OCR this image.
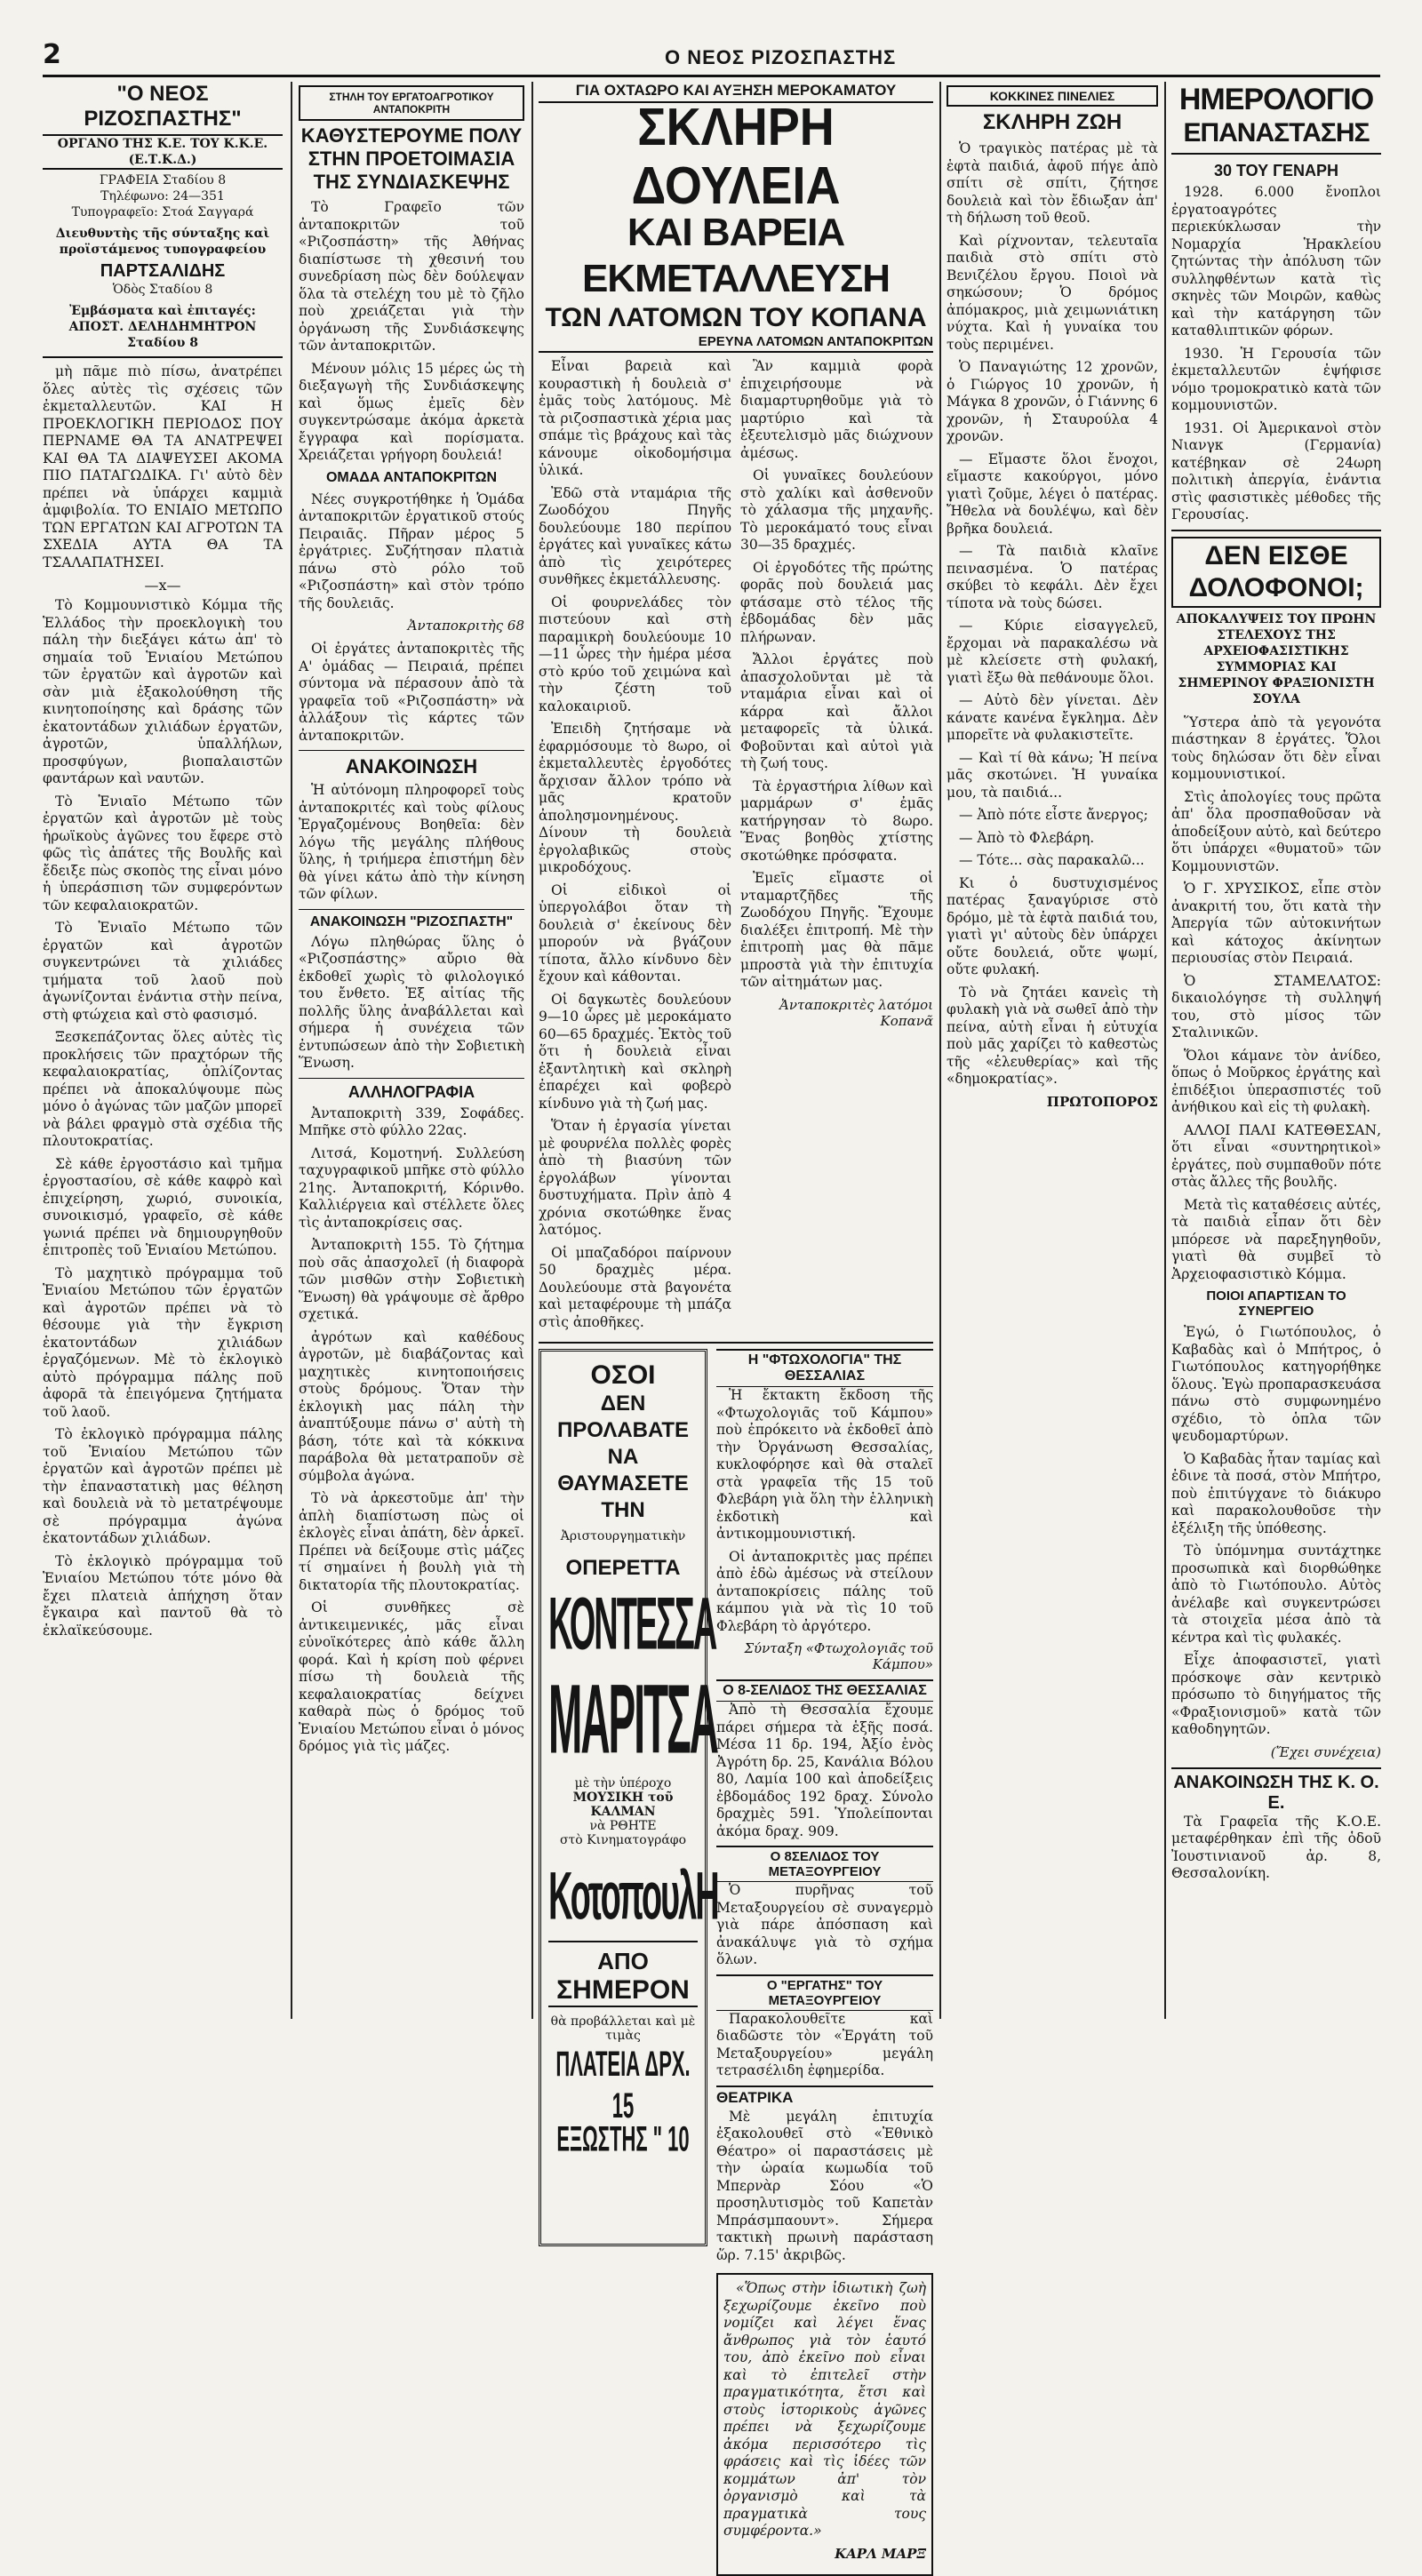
2	Ο ΝΕΟΣ ΡΙΖΟΣΠΑΣΤΗΣ
"Ο ΝΕΟΣ ΡΙΖΟΣΠΑΣΤΗΣ"
ΟΡΓΑΝΟ ΤΗΣ Κ.Ε. ΤΟΥ Κ.Κ.Ε. (Ε.Τ.Κ.Δ.)
ΓΡΑΦΕΙΑ Σταδίου 8
Τηλέφωνο: 24—351
Τυπογραφεῖο: Στοά Σαγγαρά
Διευθυντὴς τῆς σύνταξης καὶ προϊστάμενος τυπογραφείου
ΠΑΡΤΣΑΛΙΔΗΣ
Ὁδὸς Σταδίου 8
Ἐμβάσματα καὶ ἐπιταγές: ΑΠΟΣΤ. ΔΕΛΗΔΗΜΗΤΡΟΝ Σταδίου 8

μὴ πᾶμε πιὸ πίσω, ἀνατρέπει ὅλες αὐτὲς τὶς σχέσεις τῶν ἐκμεταλλευτῶν. ΚΑΙ Η ΠΡΟΕΚΛΟΓΙΚΗ ΠΕΡΙΟΔΟΣ ΠΟΥ ΠΕΡΝΑΜΕ ΘΑ ΤΑ ΑΝΑΤΡΕΨΕΙ ΚΑΙ ΘΑ ΤΑ ΔΙΑΨΕΥΣΕΙ ΑΚΟΜΑ ΠΙΟ ΠΑΤΑΓΩΔΙΚΑ. Γι' αὐτὸ δὲν πρέπει νὰ ὑπάρχει καμμιὰ ἀμφιβολία. ΤΟ ΕΝΙΑΙΟ ΜΕΤΩΠΟ ΤΩΝ ΕΡΓΑΤΩΝ ΚΑΙ ΑΓΡΟΤΩΝ ΤΑ ΣΧΕΔΙΑ ΑΥΤΑ ΘΑ ΤΑ ΤΣΑΛΑΠΑΤΗΣΕΙ.

—x—

Τὸ Κομμουνιστικὸ Κόμμα τῆς Ἑλλάδος τὴν προεκλογικὴ του πάλη τὴν διεξάγει κάτω ἀπ' τὸ σημαία τοῦ Ἑνιαίου Μετώπου τῶν ἐργατῶν καὶ ἀγροτῶν καὶ σὰν μιὰ ἐξακολούθηση τῆς κινητοποίησης καὶ δράσης τῶν ἑκατοντάδων χιλιάδων ἐργατῶν, ἀγροτῶν, ὑπαλλήλων, προσφύγων, βιοπαλαιστῶν φαντάρων καὶ ναυτῶν.

Τὸ Ἑνιαῖο Μέτωπο τῶν ἐργατῶν καὶ ἀγροτῶν μὲ τοὺς ἡρωϊκοὺς ἀγῶνες του ἔφερε στὸ φῶς τὶς ἀπάτες τῆς Βουλῆς καὶ ἔδειξε πὼς σκοπὸς της εἶναι μόνο ἡ ὑπεράσπιση τῶν συμφερόντων τῶν κεφαλαιοκρατῶν.

Τὸ Ἑνιαῖο Μέτωπο τῶν ἐργατῶν καὶ ἀγροτῶν συγκεντρώνει τὰ χιλιάδες τμήματα τοῦ λαοῦ ποὺ ἀγωνίζονται ἐνάντια στὴν πείνα, στὴ φτώχεια καὶ στὸ φασισμό.

Ξεσκεπάζοντας ὅλες αὐτὲς τὶς προκλήσεις τῶν πραχτόρων τῆς κεφαλαιοκρατίας, ὁπλίζοντας πρέπει νὰ ἀποκαλύψουμε πὼς μόνο ὁ ἀγώνας τῶν μαζῶν μπορεῖ νὰ βάλει φραγμὸ στὰ σχέδια τῆς πλουτοκρατίας.

Σὲ κάθε ἐργοστάσιο καὶ τμῆμα ἐργοστασίου, σὲ κάθε καφρὸ καὶ ἐπιχείρηση, χωριό, συνοικία, συνοικισμό, γραφεῖο, σὲ κάθε γωνιά πρέπει νὰ δημιουργηθοῦν ἐπιτροπὲς τοῦ Ἑνιαίου Μετώπου.

Τὸ μαχητικὸ πρόγραμμα τοῦ Ἑνιαίου Μετώπου τῶν ἐργατῶν καὶ ἀγροτῶν πρέπει νὰ τὸ θέσουμε γιὰ τὴν ἔγκριση ἑκατοντάδων χιλιάδων ἐργαζόμενων. Μὲ τὸ ἐκλογικὸ αὐτὸ πρόγραμμα πάλης ποῦ ἀφορᾶ τὰ ἐπειγόμενα ζητήματα τοῦ λαοῦ.

Τὸ ἐκλογικὸ πρόγραμμα πάλης τοῦ Ἑνιαίου Μετώπου τῶν ἐργατῶν καὶ ἀγροτῶν πρέπει μὲ τὴν ἐπαναστατικὴ μας θέληση καὶ δουλειὰ νὰ τὸ μετατρέψουμε σὲ πρόγραμμα ἀγώνα ἑκατοντάδων χιλιάδων.

Τὸ ἐκλογικὸ πρόγραμμα τοῦ Ἑνιαίου Μετώπου τότε μόνο θὰ ἔχει πλατειὰ ἀπήχηση ὅταν ἔγκαιρα καὶ παντοῦ θὰ τὸ ἐκλαϊκεύσουμε.

ΣΤΗΛΗ ΤΟΥ ΕΡΓΑΤΟΑΓΡΟΤΙΚΟΥ ΑΝΤΑΠΟΚΡΙΤΗ
ΚΑΘΥΣΤΕΡΟΥΜΕ ΠΟΛΥ
ΣΤΗΝ ΠΡΟΕΤΟΙΜΑΣΙΑ ΤΗΣ ΣΥΝΔΙΑΣΚΕΨΗΣ

Τὸ Γραφεῖο τῶν ἀνταποκριτῶν τοῦ «Ριζοσπάστη» τῆς Ἀθήνας διαπίστωσε τὴ χθεσινή του συνεδρίαση πὼς δὲν δούλεψαν ὅλα τὰ στελέχη του μὲ τὸ ζῆλο ποὺ χρειάζεται γιὰ τὴν ὀργάνωση τῆς Συνδιάσκεψης τῶν ἀνταποκριτῶν.

Μένουν μόλις 15 μέρες ὡς τὴ διεξαγωγὴ τῆς Συνδιάσκεψης καὶ ὅμως ἐμεῖς δὲν συγκεντρώσαμε ἀκόμα ἀρκετὰ ἔγγραφα καὶ πορίσματα. Χρειάζεται γρήγορη δουλειά!

ΟΜΑΔΑ ΑΝΤΑΠΟΚΡΙΤΩΝ

Νέες συγκροτήθηκε ἡ Ὁμάδα ἀνταποκριτῶν ἐργατικοῦ στούς Πειραιᾶς. Πῆραν μέρος 5 ἐργάτριες. Συζήτησαν πλατιὰ πάνω στὸ ρόλο τοῦ «Ριζοσπάστη» καὶ στὸν τρόπο τῆς δουλειᾶς.

Ἀνταποκριτὴς 68

Οἱ ἐργάτες ἀνταποκριτὲς τῆς Α' ὁμάδας — Πειραιά, πρέπει σύντομα νὰ πέρασουν ἀπὸ τὰ γραφεῖα τοῦ «Ριζοσπάστη» νὰ ἀλλάξουν τὶς κάρτες τῶν ἀνταποκριτῶν.

ΑΝΑΚΟΙΝΩΣΗ

Ἡ αὐτόνομη πληροφορεῖ τοὺς ἀνταποκριτές καὶ τοὺς φίλους Ἐργαζομένους Βοηθεῖα: δὲν λόγω τῆς μεγάλης πλήθους ὕλης, ἡ τριήμερα ἐπιστήμη δὲν θὰ γίνει κάτω ἀπὸ τὴν κίνηση τῶν φίλων.

ΑΝΑΚΟΙΝΩΣΗ "ΡΙΖΟΣΠΑΣΤΗ"

Λόγω πληθώρας ὕλης ὁ «Ριζοσπάστης» αὔριο θὰ ἐκδοθεῖ χωρὶς τὸ φιλολογικό του ἔνθετο. Ἐξ αἰτίας τῆς πολλῆς ὕλης ἀναβάλλεται καὶ σήμερα ἡ συνέχεια τῶν ἐντυπώσεων ἀπὸ τὴν Σοβιετικὴ Ἕνωση.

ΑΛΛΗΛΟΓΡΑΦΙΑ

Ἀνταποκριτὴ 339, Σοφάδες. Μπῆκε στὸ φύλλο 22ας.

Λιτσά, Κομοτηνή. Συλλεύση ταχυγραφικοῦ μπῆκε στὸ φύλλο 21ης. Ἀνταποκριτή, Κόρινθο. Καλλιέργεια καὶ στέλλετε ὅλες τὶς ἀνταποκρίσεις σας.

Ἀνταποκριτὴ 155. Τὸ ζήτημα ποὺ σᾶς ἀπασχολεῖ (ἡ διαφορὰ τῶν μισθῶν στὴν Σοβιετικὴ Ἕνωση) θὰ γράψουμε σὲ ἄρθρο σχετικά.

ἀγρότων καὶ καθέδους ἀγροτῶν, μὲ διαβάζοντας καὶ μαχητικὲς κινητοποιήσεις στοὺς δρόμους. Ὅταν τὴν ἐκλογικὴ μας πάλη τὴν ἀναπτύξουμε πάνω σ' αὐτὴ τὴ βάση, τότε καὶ τὰ κόκκινα παράβολα θὰ μετατραποῦν σὲ σύμβολα ἀγώνα.

Τὸ νὰ ἀρκεστοῦμε ἀπ' τὴν ἀπλὴ διαπίστωση πὼς οἱ ἐκλογὲς εἶναι ἀπάτη, δὲν ἀρκεῖ. Πρέπει νὰ δείξουμε στὶς μάζες τί σημαίνει ἡ βουλὴ γιὰ τὴ δικτατορία τῆς πλουτοκρατίας.

Οἱ συνθῆκες σὲ ἀντικειμενικές, μᾶς εἶναι εὐνοϊκότερες ἀπὸ κάθε ἄλλη φορά. Καὶ ἡ κρίση ποὺ φέρνει πίσω τὴ δουλειὰ τῆς κεφαλαιοκρατίας δείχνει καθαρὰ πὼς ὁ δρόμος τοῦ Ἑνιαίου Μετώπου εἶναι ὁ μόνος δρόμος γιὰ τὶς μάζες.

ΓΙΑ ΟΧΤΑΩΡΟ ΚΑΙ ΑΥΞΗΣΗ ΜΕΡΟΚΑΜΑΤΟΥ
ΣΚΛΗΡΗ ΔΟΥΛΕΙΑ
ΚΑΙ ΒΑΡΕΙΑ ΕΚΜΕΤΑΛΛΕΥΣΗ
ΤΩΝ ΛΑΤΟΜΩΝ ΤΟΥ ΚΟΠΑΝΑ
ΕΡΕΥΝΑ ΛΑΤΟΜΩΝ ΑΝΤΑΠΟΚΡΙΤΩΝ

Εἶναι βαρειὰ καὶ κουραστικὴ ἡ δουλειὰ σ' ἐμᾶς τοὺς λατόμους. Μὲ τὰ ριζοσπαστικὰ χέρια μας σπάμε τὶς βράχους καὶ τὰς κάνουμε οἰκοδομήσιμα ὑλικά.

Ἐδῶ στὰ νταμάρια τῆς Ζωοδόχου Πηγῆς δουλεύουμε 180 περίπου ἐργάτες καὶ γυναῖκες κάτω ἀπὸ τὶς χειρότερες συνθῆκες ἐκμετάλλευσης.

Οἱ φουρνελάδες τὸν πιστεύουν καὶ στὴ παραμικρὴ δουλεύουμε 10—11 ὧρες τὴν ἡμέρα μέσα στὸ κρύο τοῦ χειμώνα καὶ τὴν ζέστη τοῦ καλοκαιριοῦ.

Ἐπειδὴ ζητήσαμε νὰ ἐφαρμόσουμε τὸ 8ωρο, οἱ ἐκμεταλλευτὲς ἐργοδότες ἄρχισαν ἄλλον τρόπο νὰ μᾶς κρατοῦν ἀπολησμονημένους. Δίνουν τὴ δουλειὰ ἐργολαβικῶς στοὺς μικροδόχους.

Οἱ εἰδικοὶ οἱ ὑπεργολάβοι ὅταν τὴ δουλειὰ σ' ἐκείνους δὲν μπορούν νὰ βγάζουν τίποτα, ἄλλο κίνδυνο δὲν ἔχουν καὶ κάθονται.

Οἱ δαγκωτὲς δουλεύουν 9—10 ὧρες μὲ μεροκάματο 60—65 δραχμές. Ἐκτὸς τοῦ ὅτι ἡ δουλειὰ εἶναι ἐξαντλητικὴ καὶ σκληρὴ ἐπαρέχει καὶ φοβερὸ κίνδυνο γιὰ τὴ ζωή μας.

Ὅταν ἡ ἐργασία γίνεται μὲ φουρνέλα πολλὲς φορὲς ἀπὸ τὴ βιασύνη τῶν ἐργολάβων γίνονται δυστυχήματα. Πρὶν ἀπὸ 4 χρόνια σκοτώθηκε ἕνας λατόμος.

Οἱ μπαζαδόροι παίρνουν 50 δραχμὲς μέρα. Δουλεύουμε στὰ βαγονέτα καὶ μεταφέρουμε τὴ μπάζα στὶς ἀποθῆκες.

Ἂν καμμιὰ φορὰ ἐπιχειρήσουμε νὰ διαμαρτυρηθοῦμε γιὰ τὸ μαρτύριο καὶ τὰ ἐξευτελισμὸ μᾶς διώχνουν ἀμέσως.

Οἱ γυναῖκες δουλεύουν στὸ χαλίκι καὶ ἀσθενοῦν τὸ χάλασμα τῆς μηχανῆς. Τὸ μεροκάματό τους εἶναι 30—35 δραχμές.

Οἱ ἐργοδότες τῆς πρώτης φορᾶς ποὺ δουλειά μας φτάσαμε στὸ τέλος τῆς ἐβδομάδας δὲν μᾶς πλήρωναν.

Ἄλλοι ἐργάτες ποὺ ἀπασχολοῦνται μὲ τὰ νταμάρια εἶναι καὶ οἱ κάρρα καὶ ἄλλοι μεταφορεῖς τὰ ὑλικά. Φοβοῦνται καὶ αὐτοὶ γιὰ τὴ ζωή τους.

Τὰ ἐργαστήρια λίθων καὶ μαρμάρων σ' ἐμᾶς κατήργησαν τὸ 8ωρο. Ἕνας βοηθὸς χτίστης σκοτώθηκε πρόσφατα.

Ἐμεῖς εἴμαστε οἱ νταμαρτζῆδες τῆς Ζωοδόχου Πηγῆς. Ἔχουμε διαλέξει ἐπιτροπή. Μὲ τὴν ἐπιτροπὴ μας θὰ πᾶμε μπροστὰ γιὰ τὴν ἐπιτυχία τῶν αἰτημάτων μας.

Ἀνταποκριτὲς λατόμοι Κοπανᾶ

ΟΣΟΙ
ΔΕΝ ΠΡΟΛΑΒΑΤΕ
ΝΑ ΘΑΥΜΑΣΕΤΕ
ΤΗΝ
Ἀριστουργηματικὴν
ΟΠΕΡΕΤΤΑ
ΚΟΝΤΕΣΣΑ
ΜΑΡΙΤΣΑ
μὲ τὴν ὑπέροχο
ΜΟΥΣΙΚΗ τοῦ ΚΑΛΜΑΝ
νὰ ΡΘΗΤΕ
στὸ Κινηματογράφο
ΚοτοπουλΗ
ΑΠΟ
ΣΗΜΕΡΟΝ
θὰ προβάλλεται καὶ μὲ
τιμὰς
ΠΛΑΤΕΙΑ ΔΡΧ. 15
ΕΞΩΣΤΗΣ " 10
Η "ΦΤΩΧΟΛΟΓΙΑ" ΤΗΣ ΘΕΣΣΑΛΙΑΣ

Ἡ ἔκτακτη ἔκδοση τῆς «Φτωχολογιᾶς τοῦ Κάμπου» ποὺ ἐπρόκειτο νὰ ἐκδοθεῖ ἀπὸ τὴν Ὀργάνωση Θεσσαλίας, κυκλοφόρησε καὶ θὰ σταλεῖ στὰ γραφεῖα τῆς 15 τοῦ Φλεβάρη γιὰ ὅλη τὴν ἑλληνικὴ ἐκδοτικὴ καὶ ἀντικομμουνιστική.

Οἱ ἀνταποκριτὲς μας πρέπει ἀπὸ ἐδὼ ἀμέσως νὰ στείλουν ἀνταποκρίσεις πάλης τοῦ κάμπου γιὰ νὰ τὶς 10 τοῦ Φλεβάρη τὸ ἀργότερο.

Σύνταξη «Φτωχολογιᾶς τοῦ Κάμπου»

Ο 8-ΣΕΛΙΔΟΣ ΤΗΣ ΘΕΣΣΑΛΙΑΣ

Ἀπὸ τὴ Θεσσαλία ἔχουμε πάρει σήμερα τὰ ἑξῆς ποσά. Μέσα 11 δρ. 194, Ἀξίο ἐνὸς Ἀγρότη δρ. 25, Κανάλια Βόλου 80, Λαμία 100 καὶ ἀποδείξεις ἐβδομάδος 192 δραχ. Σύνολο δραχμὲς 591. Ὑπολείπονται ἀκόμα δραχ. 909.

Ο 8ΣΕΛΙΔΟΣ ΤΟΥ ΜΕΤΑΞΟΥΡΓΕΙΟΥ

Ὁ πυρῆνας τοῦ Μεταξουργείου σὲ συναγερμὸ γιὰ πάρε ἀπόσπαση καὶ ἀνακάλυψε γιὰ τὸ σχήμα ὅλων.

Ο "ΕΡΓΑΤΗΣ" ΤΟΥ ΜΕΤΑΞΟΥΡΓΕΙΟΥ

Παρακολουθεῖτε καὶ διαδῶστε τὸν «Ἐργάτη τοῦ Μεταξουργείου» μεγάλη τετρασέλιδη ἐφημερίδα.

ΘΕΑΤΡΙΚΑ

Μὲ μεγάλη ἐπιτυχία ἐξακολουθεῖ στὸ «Ἐθνικὸ Θέατρο» οἱ παραστάσεις μὲ τὴν ὡραία κωμωδία τοῦ Μπερνὰρ Σόου «Ὁ προσηλυτισμὸς τοῦ Καπετὰν Μπράσμπαουντ». Σήμερα τακτικὴ πρωινὴ παράσταση ὥρ. 7.15' ἀκριβῶς.

«Ὅπως στὴν ἰδιωτικὴ ζωὴ ξεχωρίζουμε ἐκεῖνο ποὺ νομίζει καὶ λέγει ἕνας ἄνθρωπος γιὰ τὸν ἑαυτό του, ἀπὸ ἐκεῖνο ποὺ εἶναι καὶ τὸ ἐπιτελεῖ στὴν πραγματικότητα, ἔτσι καὶ στοὺς ἱστορικοὺς ἀγῶνες πρέπει νὰ ξεχωρίζουμε ἀκόμα περισσότερο τὶς φράσεις καὶ τὶς ἰδέες τῶν κομμάτων ἀπ' τὸν ὀργανισμὸ καὶ τὰ πραγματικὰ τους συμφέροντα.»

ΚΑΡΛ ΜΑΡΞ
ΚΟΚΚΙΝΕΣ ΠΙΝΕΛΙΕΣ
ΣΚΛΗΡΗ ΖΩΗ

Ὁ τραγικὸς πατέρας μὲ τὰ ἑφτὰ παιδιά, ἀφοῦ πήγε ἀπὸ σπίτι σὲ σπίτι, ζήτησε δουλειὰ καὶ τὸν ἔδιωξαν ἀπ' τὴ δήλωση τοῦ θεοῦ.

Καὶ ρίχνονταν, τελευταῖα παιδιὰ στὸ σπίτι στὸ Βενιζέλου ἔργου. Ποιοὶ νὰ σηκώσουν; Ὁ δρόμος ἀπόμακρος, μιὰ χειμωνιάτικη νύχτα. Καὶ ἡ γυναίκα του τοὺς περιμένει.

Ὁ Παναγιώτης 12 χρονῶν, ὁ Γιώργος 10 χρονῶν, ἡ Μάγκα 8 χρονῶν, ὁ Γιάννης 6 χρονῶν, ἡ Σταυρούλα 4 χρονῶν.

— Εἴμαστε ὅλοι ἔνοχοι, εἴμαστε κακούργοι, μόνο γιατὶ ζοῦμε, λέγει ὁ πατέρας. Ἤθελα νὰ δουλέψω, καὶ δὲν βρῆκα δουλειά.

— Τὰ παιδιὰ κλαῖνε πεινασμένα. Ὁ πατέρας σκύβει τὸ κεφάλι. Δὲν ἔχει τίποτα νὰ τοὺς δώσει.

— Κύριε εἰσαγγελεῦ, ἔρχομαι νὰ παρακαλέσω νὰ μὲ κλείσετε στὴ φυλακή, γιατὶ ἔξω θὰ πεθάνουμε ὅλοι.

— Αὐτὸ δὲν γίνεται. Δὲν κάνατε κανένα ἔγκλημα. Δὲν μπορεῖτε νὰ φυλακιστεῖτε.

— Καὶ τί θὰ κάνω; Ἡ πείνα μᾶς σκοτώνει. Ἡ γυναίκα μου, τὰ παιδιά...

— Ἀπὸ πότε εἶστε ἄνεργος;

— Ἀπὸ τὸ Φλεβάρη.

— Τότε... σὰς παρακαλῶ...

Κι ὁ δυστυχισμένος πατέρας ξαναγύρισε στὸ δρόμο, μὲ τὰ ἑφτὰ παιδιά του, γιατὶ γι' αὐτοὺς δὲν ὑπάρχει οὔτε δουλειά, οὔτε ψωμί, οὔτε φυλακή.

Τὸ νὰ ζητάει κανεὶς τὴ φυλακὴ γιὰ νὰ σωθεῖ ἀπὸ τὴν πείνα, αὐτὴ εἶναι ἡ εὐτυχία ποὺ μᾶς χαρίζει τὸ καθεστὼς τῆς «ἐλευθερίας» καὶ τῆς «δημοκρατίας».

ΠΡΩΤΟΠΟΡΟΣ

ΗΜΕΡΟΛΟΓΙΟ
ΕΠΑΝΑΣΤΑΣΗΣ
30 ΤΟΥ ΓΕΝΑΡΗ

1928. 6.000 ἔνοπλοι ἐργατοαγρότες περιεκύκλωσαν τὴν Νομαρχία Ἡρακλείου ζητώντας τὴν ἀπόλυση τῶν συλληφθέντων κατὰ τὶς σκηνὲς τῶν Μοιρῶν, καθὼς καὶ τὴν κατάργηση τῶν καταθλιπτικῶν φόρων.

1930. Ἡ Γερουσία τῶν ἐκμεταλλευτῶν ἐψήφισε νόμο τρομοκρατικὸ κατὰ τῶν κομμουνιστῶν.

1931. Οἱ Ἀμερικανοὶ στὸν Νιανγκ (Γερμανία) κατέβηκαν σὲ 24ωρη πολιτικὴ ἀπεργία, ἐνάντια στὶς φασιστικὲς μέθοδες τῆς Γερουσίας.

ΔΕΝ ΕΙΣΘΕ ΔΟΛΟΦΟΝΟΙ;
ΑΠΟΚΑΛΥΨΕΙΣ ΤΟΥ ΠΡΩΗΝ ΣΤΕΛΕΧΟΥΣ ΤΗΣ ΑΡΧΕΙΟΦΑΣΙΣΤΙΚΗΣ ΣΥΜΜΟΡΙΑΣ ΚΑΙ ΣΗΜΕΡΙΝΟΥ ΦΡΑΞΙΟΝΙΣΤΗ ΣΟΥΛΑ

Ὕστερα ἀπὸ τὰ γεγονότα πιάστηκαν 8 ἐργάτες. Ὅλοι τοὺς δηλώσαν ὅτι δὲν εἶναι κομμουνιστικοί.

Στὶς ἀπολογίες τους πρῶτα ἀπ' ὅλα προσπαθοῦσαν νὰ ἀποδείξουν αὐτὸ, καὶ δεύτερο ὅτι ὑπάρχει «θυματοῦ» τῶν Κομμουνιστῶν.

Ὁ Γ. ΧΡΥΣΙΚΟΣ, εἶπε στὸν ἀνακριτή του, ὅτι κατὰ τὴν Ἀπεργία τῶν αὐτοκινήτων καὶ κάτοχος ἀκίνητων περιουσίας στὸν Πειραιά.

Ὁ ΣΤΑΜΕΛΑΤΟΣ: δικαιολόγησε τὴ συλληψή του, στὸ μίσος τῶν Σταλινικῶν.

Ὅλοι κάμανε τὸν ἀνίδεο, ὅπως ὁ Μοῦρκος ἐργάτης καὶ ἐπιδέξιοι ὑπερασπιστές τοῦ ἀνήθικου καὶ εἰς τὴ φυλακὴ.

ΑΛΛΟΙ ΠΑΛΙ ΚΑΤΕΘΕΣΑΝ, ὅτι εἶναι «συντηρητικοὶ» ἐργάτες, ποὺ συμπαθοῦν πότε στὰς ἄλλες τῆς βουλῆς.

Μετὰ τὶς καταθέσεις αὐτές, τὰ παιδιὰ εἶπαν ὅτι δὲν μπόρεσε νὰ παρεξηγηθοῦν, γιατὶ θὰ συμβεῖ τὸ Ἀρχειοφασιστικὸ Κόμμα.

ΠΟΙΟΙ ΑΠΑΡΤΙΣΑΝ ΤΟ ΣΥΝΕΡΓΕΙΟ

Ἐγώ, ὁ Γιωτόπουλος, ὁ Καβαδὰς καὶ ὁ Μπήτρος, ὁ Γιωτόπουλος κατηγορήθηκε ὅλους. Ἐγὼ προπαρασκευάσα πάνω στὸ συμφωνημένο σχέδιο, τὸ ὁπλα τῶν ψευδομαρτύρων.

Ὁ Καβαδὰς ἦταν ταμίας καὶ ἐδινε τὰ ποσά, στὸν Μπήτρο, ποὺ ἐπιτύγχανε τὸ διάκυρο καὶ παρακολουθοῦσε τὴν ἐξέλιξη τῆς ὑπόθεσης.

Τὸ ὑπόμνημα συντάχτηκε προσωπικὰ καὶ διορθώθηκε ἀπὸ τὸ Γιωτόπουλο. Αὐτὸς ἀνέλαβε καὶ συγκεντρώσει τὰ στοιχεῖα μέσα ἀπὸ τὰ κέντρα καὶ τὶς φυλακές.

Εἶχε ἀποφασιστεῖ, γιατὶ πρόσκοψε σὰν κεντρικὸ πρόσωπο τὸ διηγήματος τῆς «Φραξιονισμοῦ» κατὰ τῶν καθοδηγητῶν.

(Ἔχει συνέχεια)

ΑΝΑΚΟΙΝΩΣΗ ΤΗΣ Κ. Ο. Ε.

Τὰ Γραφεῖα τῆς Κ.Ο.Ε. μεταφέρθηκαν ἐπὶ τῆς ὁδοῦ Ἰουστινιανοῦ ἀρ. 8, Θεσσαλονίκη.
